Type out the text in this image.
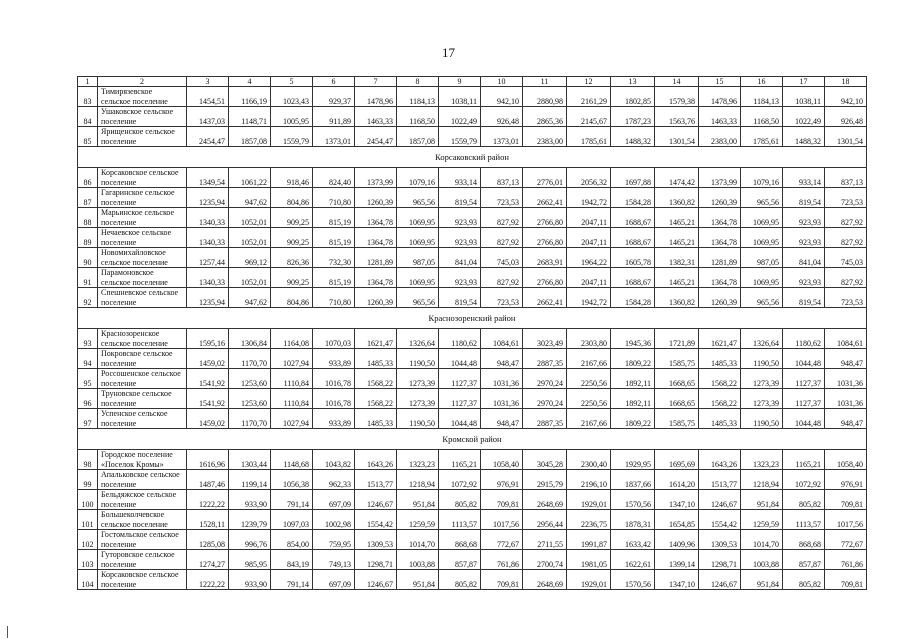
17
1	2	3	4	5	6	7	8	9	10	11	12	13	14	15	16	17	18
83	Тимирязевское сельское поселение	1454,51	1166,19	1023,43	929,37	1478,96	1184,13	1038,11	942,10	2880,98	2161,29	1802,85	1579,38	1478,96	1184,13	1038,11	942,10
84	Ушаковское сельское поселение	1437,03	1148,71	1005,95	911,89	1463,33	1168,50	1022,49	926,48	2865,36	2145,67	1787,23	1563,76	1463,33	1168,50	1022,49	926,48
85	Ярищенское сельское поселение	2454,47	1857,08	1559,79	1373,01	2454,47	1857,08	1559,79	1373,01	2383,00	1785,61	1488,32	1301,54	2383,00	1785,61	1488,32	1301,54
Корсаковский район																	
86	Корсаковское сельское поселение	1349,54	1061,22	918,46	824,40	1373,99	1079,16	933,14	837,13	2776,01	2056,32	1697,88	1474,42	1373,99	1079,16	933,14	837,13
87	Гагаринское сельское поселение	1235,94	947,62	804,86	710,80	1260,39	965,56	819,54	723,53	2662,41	1942,72	1584,28	1360,82	1260,39	965,56	819,54	723,53
88	Марьинское сельское поселение	1340,33	1052,01	909,25	815,19	1364,78	1069,95	923,93	827,92	2766,80	2047,11	1688,67	1465,21	1364,78	1069,95	923,93	827,92
89	Нечаевское сельское поселение	1340,33	1052,01	909,25	815,19	1364,78	1069,95	923,93	827,92	2766,80	2047,11	1688,67	1465,21	1364,78	1069,95	923,93	827,92
90	Новомихайловское сельское поселение	1257,44	969,12	826,36	732,30	1281,89	987,05	841,04	745,03	2683,91	1964,22	1605,78	1382,31	1281,89	987,05	841,04	745,03
91	Парамоновское сельское поселение	1340,33	1052,01	909,25	815,19	1364,78	1069,95	923,93	827,92	2766,80	2047,11	1688,67	1465,21	1364,78	1069,95	923,93	827,92
92	Спешневское сельское поселение	1235,94	947,62	804,86	710,80	1260,39	965,56	819,54	723,53	2662,41	1942,72	1584,28	1360,82	1260,39	965,56	819,54	723,53
Краснозоренский район																	
93	Краснозоренское сельское поселение	1595,16	1306,84	1164,08	1070,03	1621,47	1326,64	1180,62	1084,61	3023,49	2303,80	1945,36	1721,89	1621,47	1326,64	1180,62	1084,61
94	Покровское сельское поселение	1459,02	1170,70	1027,94	933,89	1485,33	1190,50	1044,48	948,47	2887,35	2167,66	1809,22	1585,75	1485,33	1190,50	1044,48	948,47
95	Россошенское сельское поселение	1541,92	1253,60	1110,84	1016,78	1568,22	1273,39	1127,37	1031,36	2970,24	2250,56	1892,11	1668,65	1568,22	1273,39	1127,37	1031,36
96	Труновское сельское поселение	1541,92	1253,60	1110,84	1016,78	1568,22	1273,39	1127,37	1031,36	2970,24	2250,56	1892,11	1668,65	1568,22	1273,39	1127,37	1031,36
97	Успенское сельское поселение	1459,02	1170,70	1027,94	933,89	1485,33	1190,50	1044,48	948,47	2887,35	2167,66	1809,22	1585,75	1485,33	1190,50	1044,48	948,47
Кромской район																	
98	Городское поселение «Поселок Кромы»	1616,96	1303,44	1148,68	1043,82	1643,26	1323,23	1165,21	1058,40	3045,28	2300,40	1929,95	1695,69	1643,26	1323,23	1165,21	1058,40
99	Апальковское сельское поселение	1487,46	1199,14	1056,38	962,33	1513,77	1218,94	1072,92	976,91	2915,79	2196,10	1837,66	1614,20	1513,77	1218,94	1072,92	976,91
100	Бельдяжское сельское поселение	1222,22	933,90	791,14	697,09	1246,67	951,84	805,82	709,81	2648,69	1929,01	1570,56	1347,10	1246,67	951,84	805,82	709,81
101	Большеколчевское сельское поселение	1528,11	1239,79	1097,03	1002,98	1554,42	1259,59	1113,57	1017,56	2956,44	2236,75	1878,31	1654,85	1554,42	1259,59	1113,57	1017,56
102	Гостомльское сельское поселение	1285,08	996,76	854,00	759,95	1309,53	1014,70	868,68	772,67	2711,55	1991,87	1633,42	1409,96	1309,53	1014,70	868,68	772,67
103	Гуторовское сельское поселение	1274,27	985,95	843,19	749,13	1298,71	1003,88	857,87	761,86	2700,74	1981,05	1622,61	1399,14	1298,71	1003,88	857,87	761,86
104	Корсаковское сельское поселение	1222,22	933,90	791,14	697,09	1246,67	951,84	805,82	709,81	2648,69	1929,01	1570,56	1347,10	1246,67	951,84	805,82	709,81
